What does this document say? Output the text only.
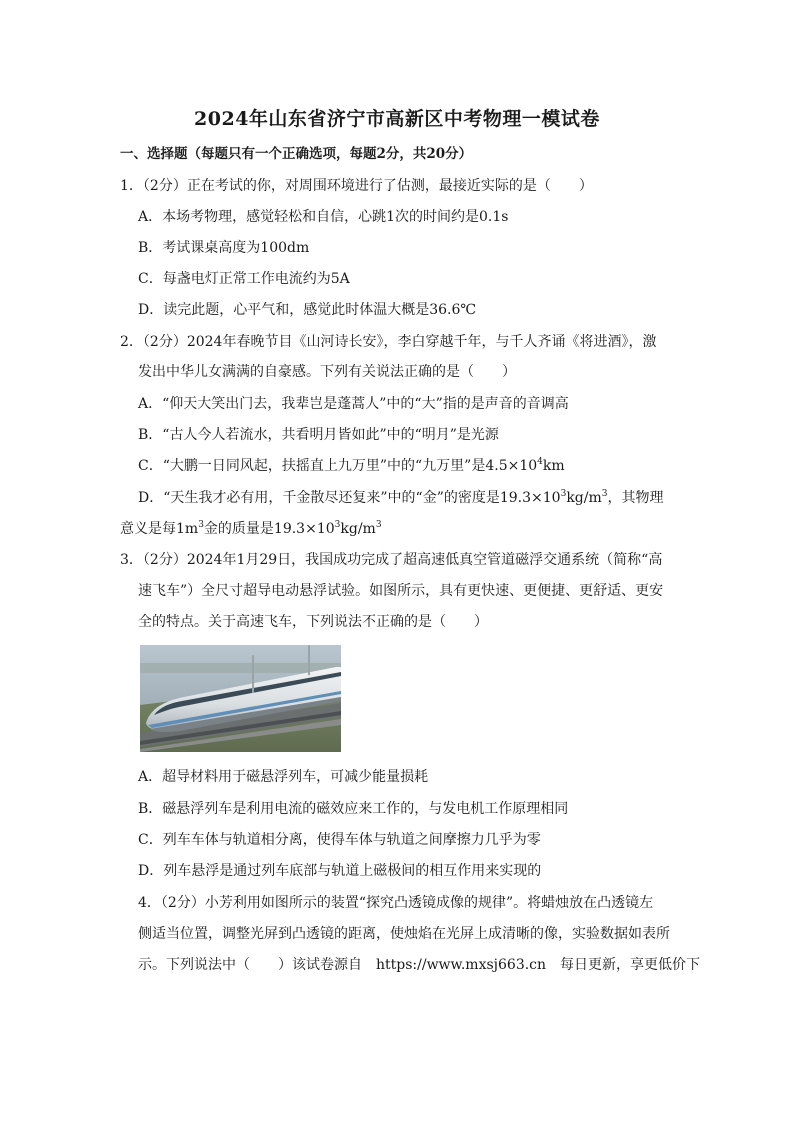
2024年山东省济宁市高新区中考物理一模试卷
一、选择题（每题只有一个正确选项，每题2分，共20分）
1．（2分）正在考试的你，对周围环境进行了估测，最接近实际的是（　　）
A．本场考物理，感觉轻松和自信，心跳1次的时间约是0.1s
B．考试课桌高度为100dm
C．每盏电灯正常工作电流约为5A
D．读完此题，心平气和，感觉此时体温大概是36.6℃
2．（2分）2024年春晚节目《山河诗长安》，李白穿越千年，与千人齐诵《将进酒》，激
发出中华儿女满满的自豪感。下列有关说法正确的是（　　）
A．“仰天大笑出门去，我辈岂是蓬蒿人”中的“大”指的是声音的音调高
B．“古人今人若流水，共看明月皆如此”中的“明月”是光源
C．“大鹏一日同风起，扶摇直上九万里”中的“九万里”是$4.5\times 10^4km$
D．“天生我才必有用，千金散尽还复来”中的“金”的密度是$19.3\times 10^3kg/m^3$，其物理
意义是每$1m^3$金的质量是$19.3\times 10^3kg/m^3$
3．（2分）2024年1月29日，我国成功完成了超高速低真空管道磁浮交通系统（简称“高
速飞车”）全尺寸超导电动悬浮试验。如图所示，具有更快速、更便捷、更舒适、更安
全的特点。关于高速飞车，下列说法不正确的是（　　）
A．超导材料用于磁悬浮列车，可减少能量损耗
B．磁悬浮列车是利用电流的磁效应来工作的，与发电机工作原理相同
C．列车车体与轨道相分离，使得车体与轨道之间摩擦力几乎为零
D．列车悬浮是通过列车底部与轨道上磁极间的相互作用来实现的
4．（2分）小芳利用如图所示的装置“探究凸透镜成像的规律”。将蜡烛放在凸透镜左
侧适当位置，调整光屏到凸透镜的距离，使烛焰在光屏上成清晰的像，实验数据如表所
示。下列说法中（　　）该试卷源自　https://www.mxsj663.cn　每日更新，享更低价下
